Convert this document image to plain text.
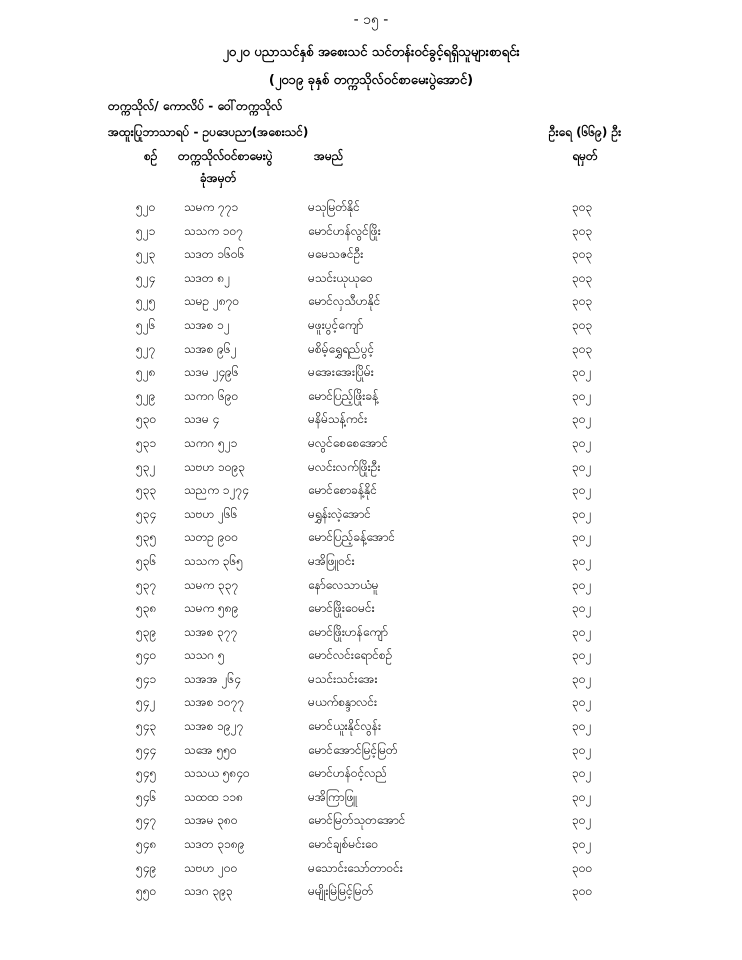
- ၁၅ -
၂၀၂၀ ပညာသင်နှစ် အစေးသင် သင်တန်းဝင်ခွင့်ရရှိသူများစာရင်း
(၂၀၁၉ ခုနှစ် တက္ကသိုလ်ဝင်စာမေးပွဲအောင်)
တက္ကသိုလ်/ ကောလိပ် - ဝေါ်တက္ကသိုလ်
အထူးပြုဘာသာရပ် - ဥပဒေပညာ(အစေးသင်)	ဦးရေ (၆၆၉) ဦး
ရမှတ်
စဉ် တက္ကသိုလ်ဝင်စာမေးပွဲ	အမည်
ခုံအမှတ်
၅၂၀ သမက ၇၇၁	မသုမြတ်နိုင်	၃၀၃
၅၂၁ သသက ၁၀၇	မောင်ဟန်လွင်ဖြိုး	၃၀၃
၅၂၃ သဒတ ၁၆၀၆	မမေသဇင်ဦး	၃၀၃
၅၂၄ သဒတ ၈၂	မသင်းယုယုဝေ	၃၀၃
၅၂၅ သမဥ ၂၈၇၀	မောင်လှသီဟနိုင်	၃၀၃
၅၂၆ သအစ ၁၂	မဖူးပွင့်ကျော်	၃၀၃
၅၂၇ သအစ ၉၆၂	မစိမ့်ရွှေရည်ပွင့်	၃၀၃
၅၂၈ သဒမ ၂၄၉၆	မအေးအေးပြိုမ်း	၃၀၂
၅၂၉ သကဂ ၆၉၀	မောင်ပြည့်ဖြိုးခန့်	၃၀၂
၅၃၀ သဒမ ၄	မနိမ်သန့်ကင်း	၃၀၂
၅၃၁ သကဂ ၅၂၁	မလွင်စေစေအောင်	၃၀၂
၅၃၂ သဗဟ ၁၀၉၃	မလင်းလက်ဖြိုးဦး	၃၀၂
၅၃၃ သညက ၁၂၇၄	မောင်စောခန့်နိုင်	၃၀၂
၅၃၄ သဗဟ ၂၆၆	မရွှန်းလဲ့အောင်	၃၀၂
၅၃၅ သတဥ ၉၀၀	မောင်ပြည့်ခန့်အောင်	၃၀၂
၅၃၆ သသက ၃၆၅	မအိဖြူဝင်း	၃၀၂
၅၃၇ သမက ၃၃၇	နော်လေသာယံမူ	၃၀၂
၅၃၈ သမက ၅၈၉	မောင်ဖြိုးဝေမင်း	၃၀၂
၅၃၉ သအစ ၃၇၇	မောင်ဖြိုးဟန်ကျော်	၃၀၂
၅၄၀ သသဂ ၅	မောင်လင်းရောင်စဉ်	၃၀၂
၅၄၁ သအအ ၂၆၄	မသင်းသင်းအေး	၃၀၂
၅၄၂ သအစ ၁၀၇၇	မယက်စန္ဒာလင်း	၃၀၂
၅၄၃ သအစ ၁၉၂၇	မောင်ယူးနိုင်လွန်း	၃၀၂
၅၄၄ သအေ ၅၅၀	မောင်အောင်မြင့်မြတ်	၃၀၂
၅၄၅ သသယ ၅၈၄၀	မောင်ဟန်ဝင့်လည်	၃၀၂
၅၄၆ သထထ ၁၁၈	မအိကြာဖြူ	၃၀၂
၅၄၇ သအမ ၃၈၀	မောင်မြတ်သုတအောင်	၃၀၂
၅၄၈ သဒတ ၃၁၈၉	မောင်ချစ်မင်းဝေ	၃၀၂
၅၄၉ သဗဟ ၂၀၀	မသောင်းသော်တာဝင်း	၃၀၀
၅၅၀ သဒဂ ၃၉၃	မမျိုးမြဲမြင့်မြတ်	၃၀၀
